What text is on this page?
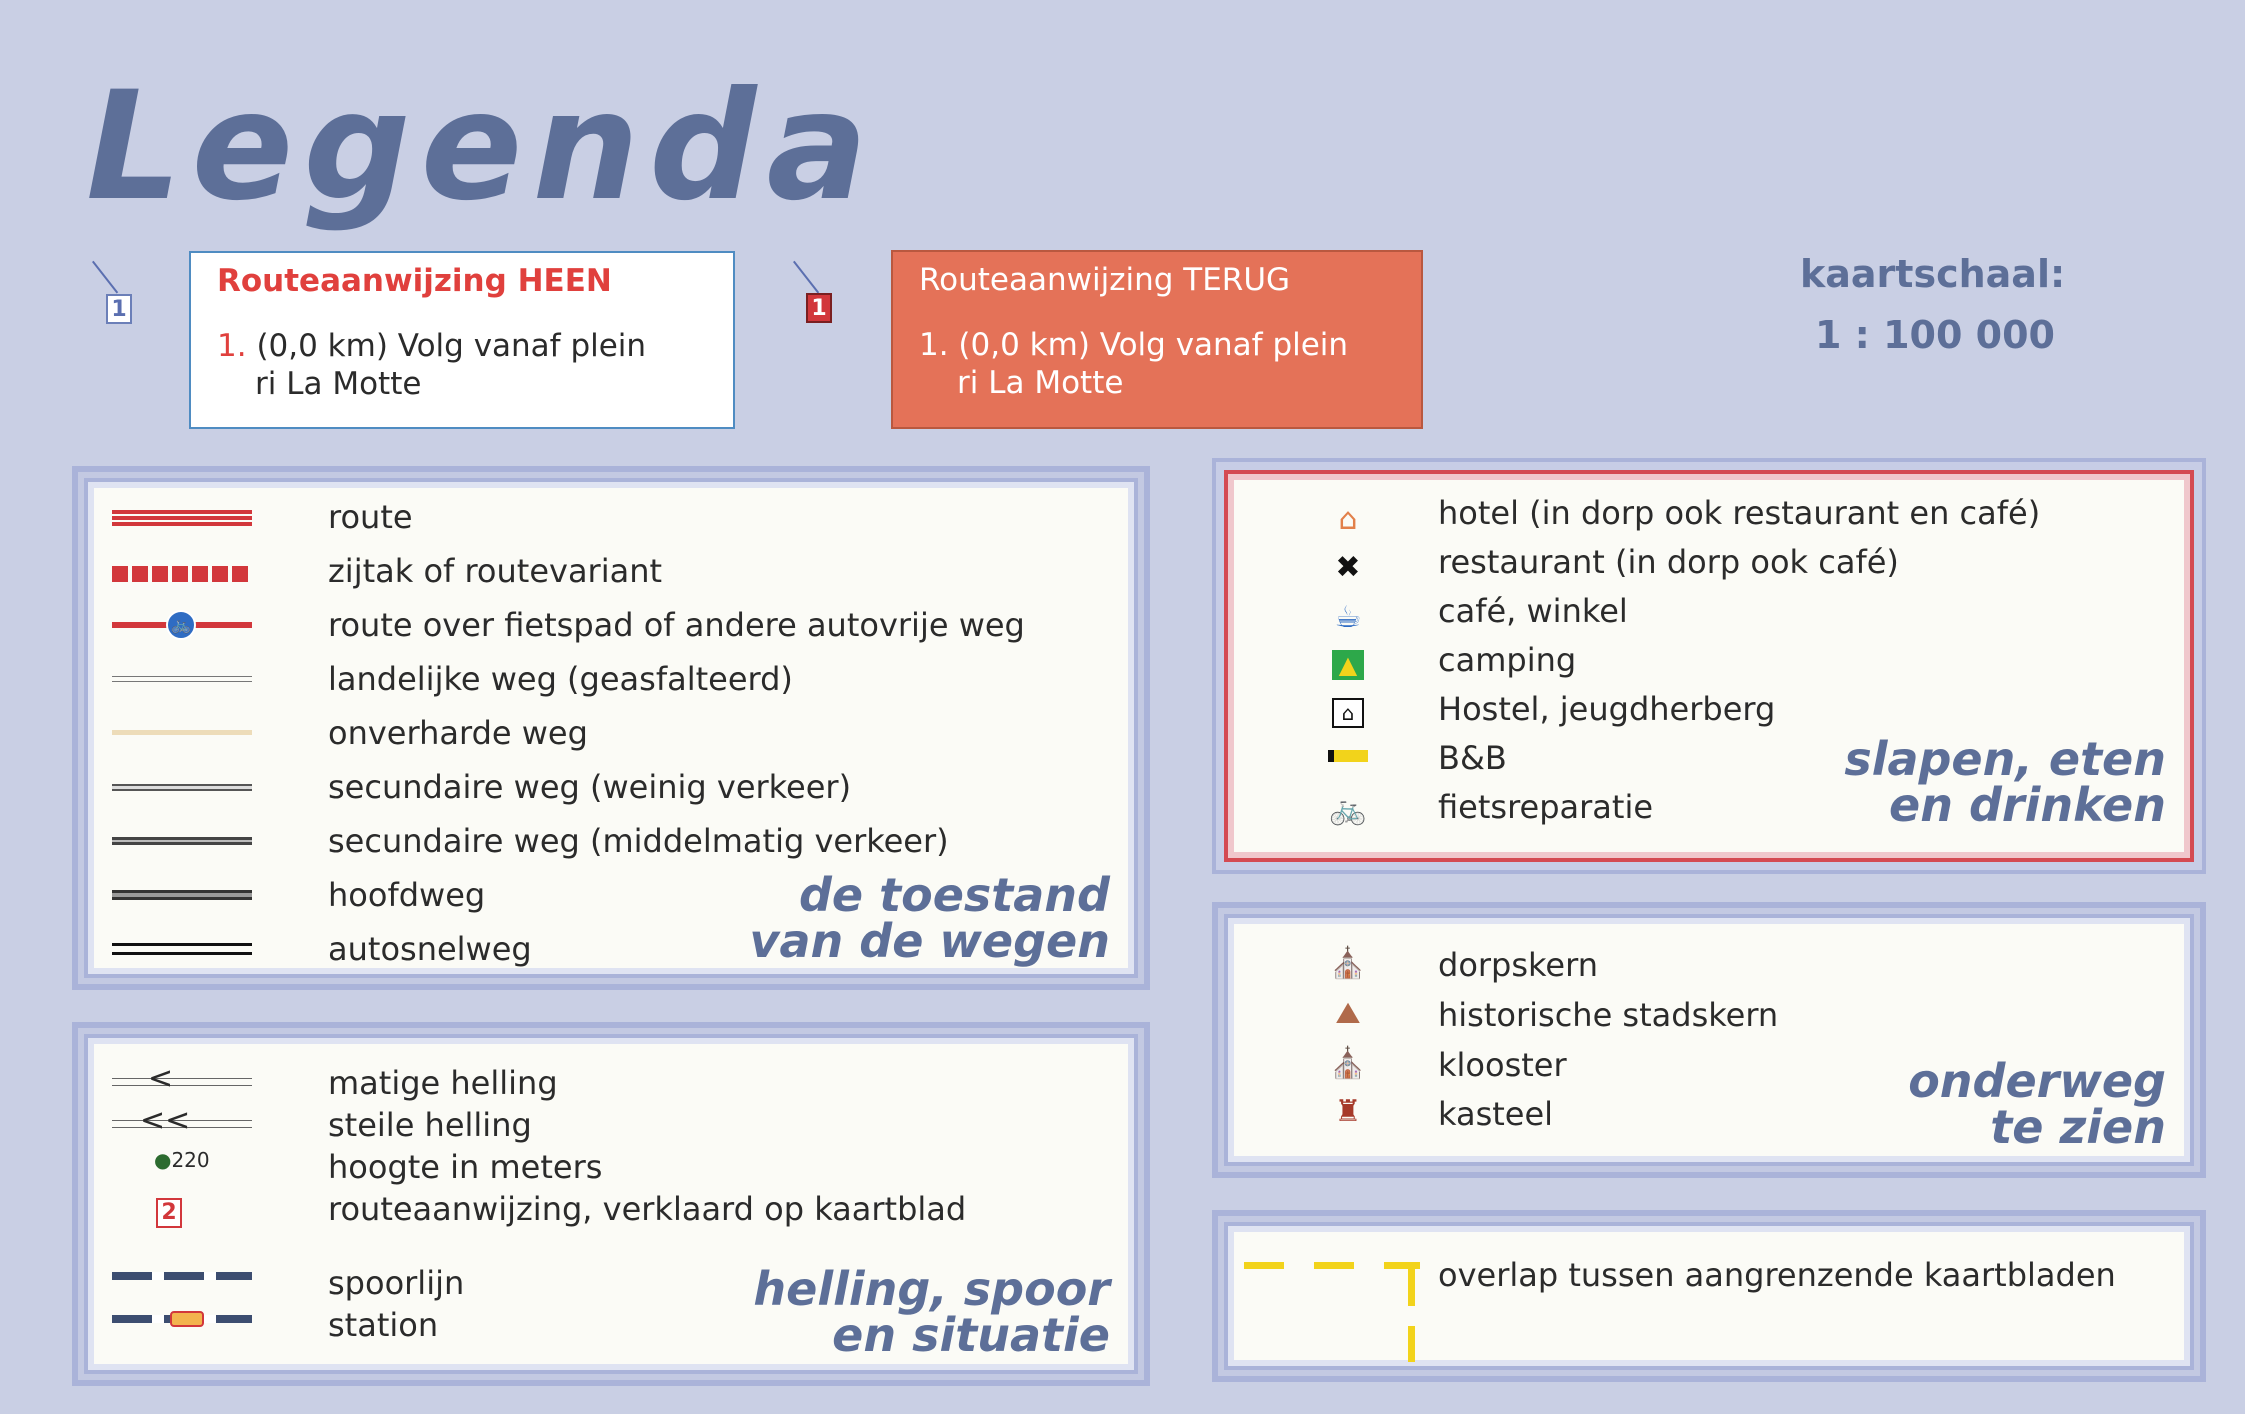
Legenda
1
Routeaanwijzing HEEN
1. (0,0 km) Volg vanaf plein
ri La Motte
1
Routeaanwijzing TERUG
1. (0,0 km) Volg vanaf plein
ri La Motte
kaartschaal:
1 : 100 000
🚲
route
zijtak of routevariant
route over fietspad of andere autovrije weg
landelijke weg (geasfalteerd)
onverharde weg
secundaire weg (weinig verkeer)
secundaire weg (middelmatig verkeer)
hoofdweg
autosnelweg
de toestand
van de wegen
<
<<
●220
2
matige helling
steile helling
hoogte in meters
routeaanwijzing, verklaard op kaartblad
spoorlijn
station
helling, spoor
en situatie
⌂
✖
☕
▲
⌂
🚲
hotel (in dorp ook restaurant en café)
restaurant (in dorp ook café)
café, winkel
camping
Hostel, jeugdherberg
B&B
fietsreparatie
slapen, eten
en drinken
⛪
⛰
⛪
♜
dorpskern
historische stadskern
klooster
kasteel
onderweg
te zien
overlap tussen aangrenzende kaartbladen
